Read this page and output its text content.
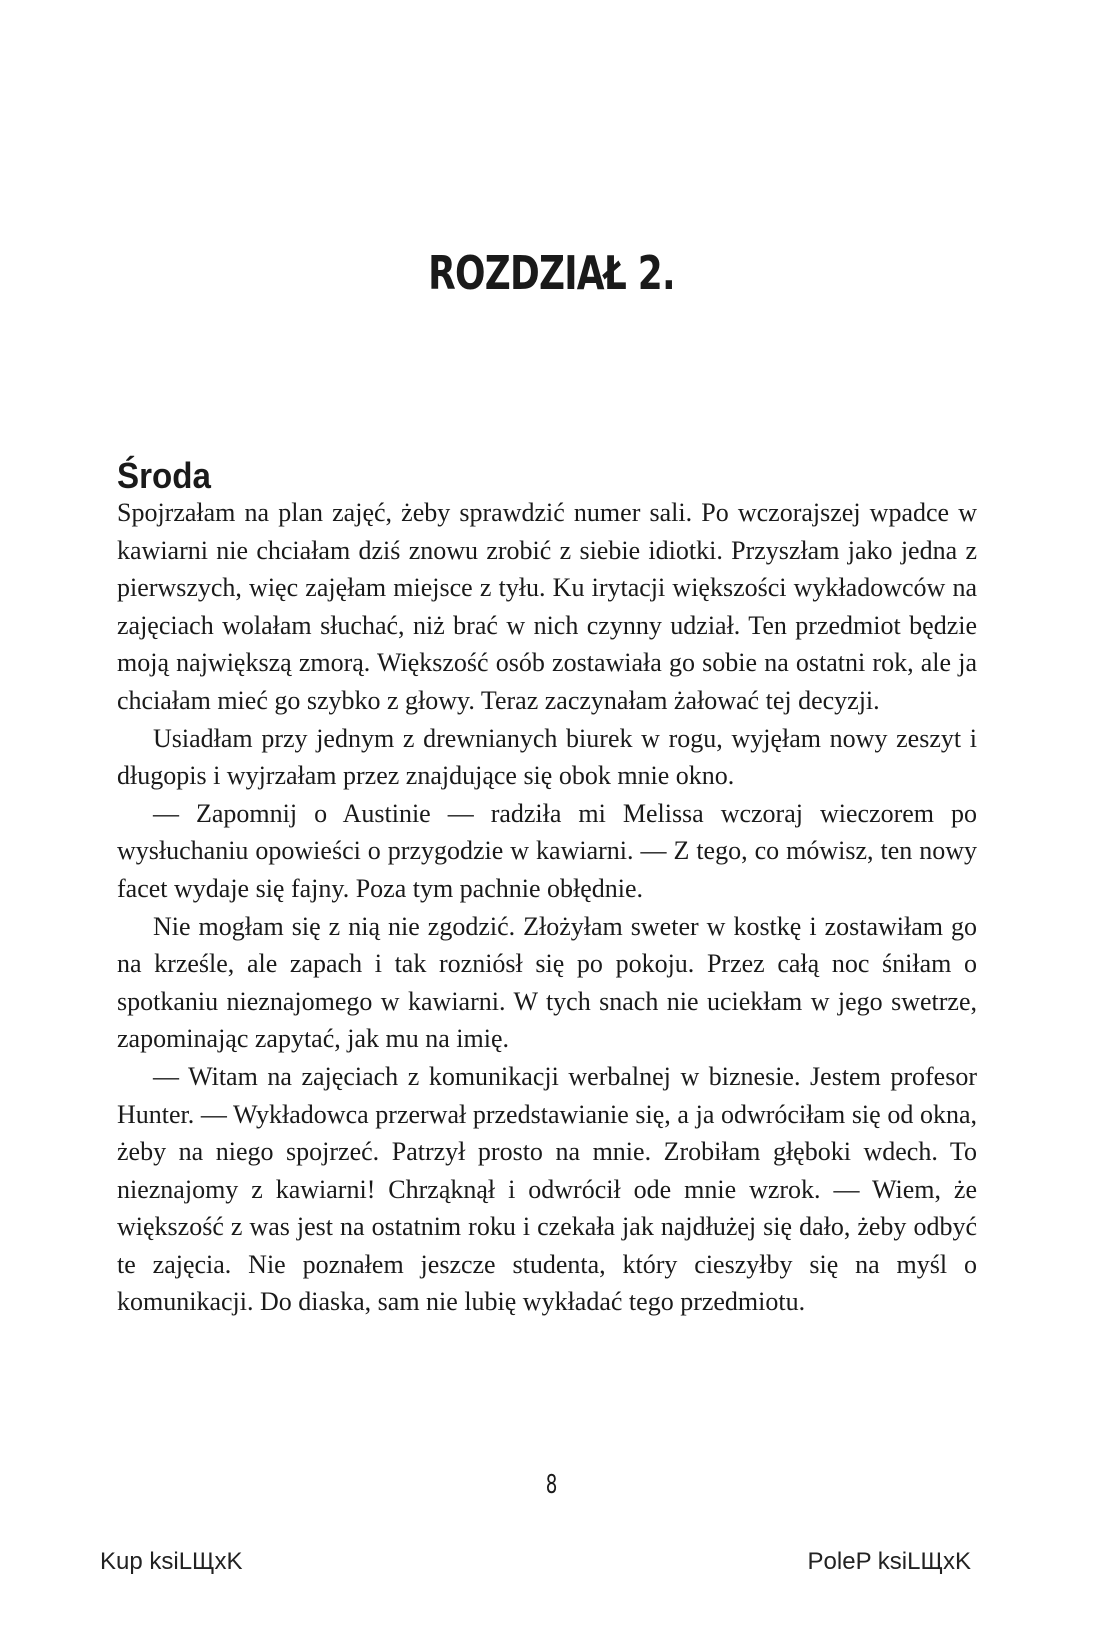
ROZDZIAŁ 2.
Środa

Spojrzałam na plan zajęć, żeby sprawdzić numer sali. Po wczorajszej wpadce w kawiarni nie chciałam dziś znowu zrobić z siebie idiotki. Przyszłam jako jedna z pierwszych, więc zajęłam miejsce z tyłu. Ku irytacji większości wykładowców na zajęciach wolałam słuchać, niż brać w nich czynny udział. Ten przedmiot będzie moją największą zmorą. Większość osób zostawiała go sobie na ostatni rok, ale ja chciałam mieć go szybko z głowy. Teraz zaczynałam żałować tej decyzji.

Usiadłam przy jednym z drewnianych biurek w rogu, wyjęłam nowy zeszyt i długopis i wyjrzałam przez znajdujące się obok mnie okno.

— Zapomnij o Austinie — radziła mi Melissa wczoraj wieczorem po wysłuchaniu opowieści o przygodzie w kawiarni. — Z tego, co mówisz, ten nowy facet wydaje się fajny. Poza tym pachnie obłędnie.

Nie mogłam się z nią nie zgodzić. Złożyłam sweter w kostkę i zostawiłam go na krześle, ale zapach i tak rozniósł się po pokoju. Przez całą noc śniłam o spotkaniu nieznajomego w kawiarni. W tych snach nie uciekłam w jego swetrze, zapominając zapytać, jak mu na imię.

— Witam na zajęciach z komunikacji werbalnej w biznesie. Jestem profesor Hunter. — Wykładowca przerwał przedstawianie się, a ja odwróciłam się od okna, żeby na niego spojrzeć. Patrzył prosto na mnie. Zrobiłam głęboki wdech. To nieznajomy z kawiarni! Chrząknął i odwrócił ode mnie wzrok. — Wiem, że większość z was jest na ostatnim roku i czekała jak najdłużej się dało, żeby odbyć te zajęcia. Nie poznałem jeszcze studenta, który cieszyłby się na myśl o komunikacji. Do diaska, sam nie lubię wykładać tego przedmiotu.

8
Kup ksiLЩxK	PoleP ksiLЩxK
